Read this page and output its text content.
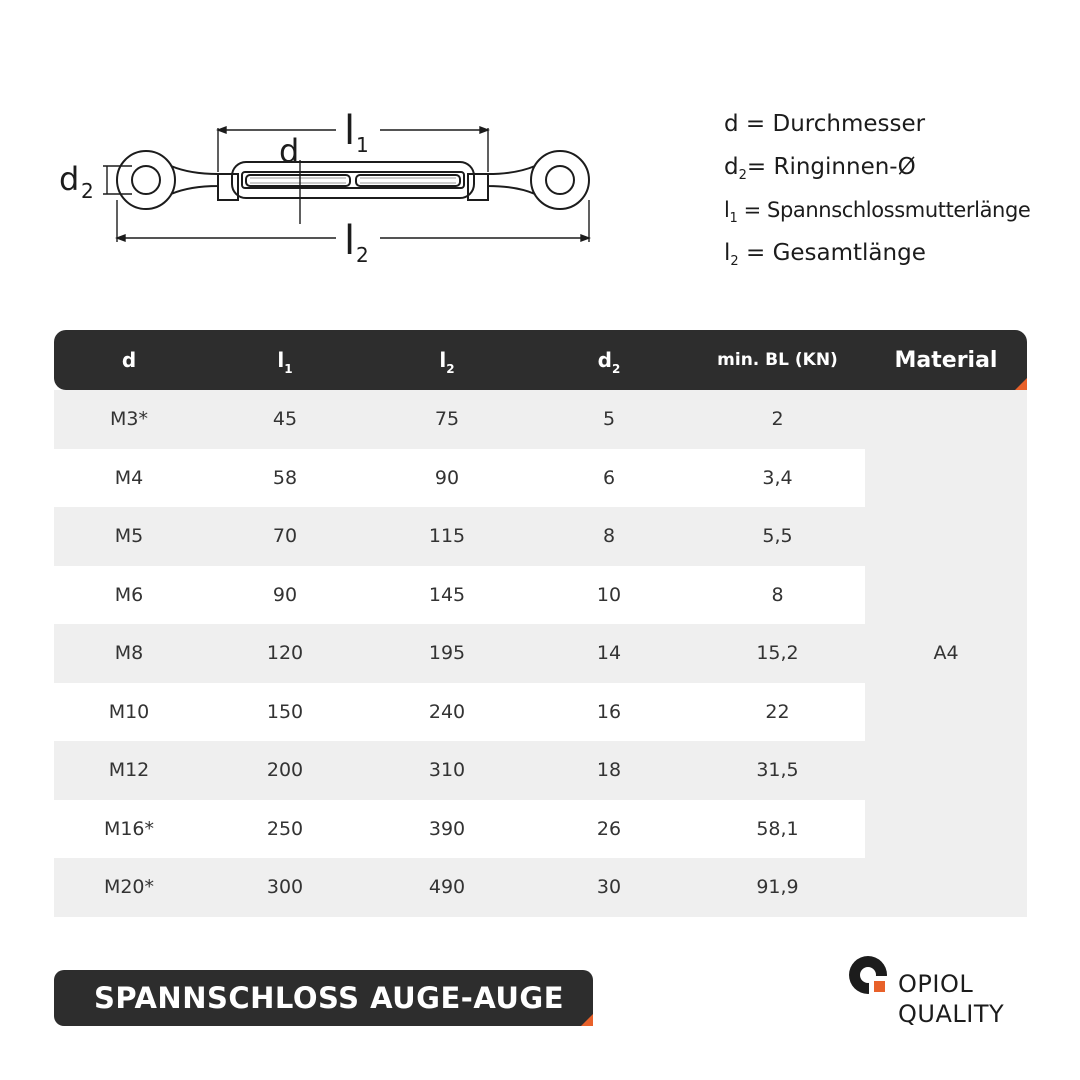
l 1
l 2
d
d 2
d = Durchmesser
$d_2=$ Ringinnen-Ø
$l_1$ = Spannschlossmutterlänge
$l_2$ = Gesamtlänge
d	$l_1$	$l_2$	$d_2$	min. BL (KN)	Material
M3*	45	75	5	2
M4	58	90	6	3,4
M5	70	115	8	5,5
M6	90	145	10	8
M8	120	195	14	15,2
M10	150	240	16	22
M12	200	310	18	31,5
M16*	250	390	26	58,1
M20*	300	490	30	91,9
A4
SPANNSCHLOSS AUGE-AUGE	OPIOL
QUALITY
